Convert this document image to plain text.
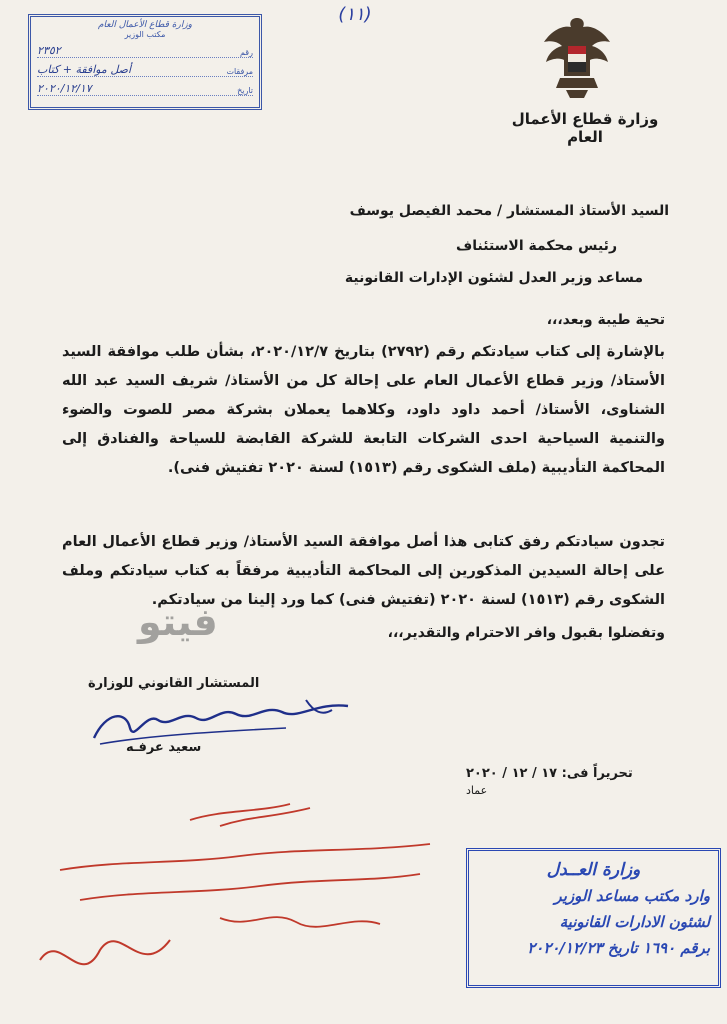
وزارة قطاع الأعمال العام
مكتب الوزير
رقم
٢٣٥٢
مرفقات
أصل موافقة + كتاب
تاريخ
٢٠٢٠/١٢/١٧
(١١)
وزارة قطاع الأعمال العام
السيد الأستاذ المستشار / محمد الفيصل يوسف
رئيس محكمة الاستئناف
مساعد وزير العدل لشئون الإدارات القانونية
تحية طيبة وبعد،،،
بالإشارة إلى كتاب سيادتكم رقم (٢٧٩٢) بتاريخ ٢٠٢٠/١٢/٧، بشأن طلب موافقة السيد الأستاذ/ وزير قطاع الأعمال العام على إحالة كل من الأستاذ/ شريف السيد عبد الله الشناوى، الأستاذ/ أحمد داود داود، وكلاهما يعملان بشركة مصر للصوت والضوء والتنمية السياحية احدى الشركات التابعة للشركة القابضة للسياحة والفنادق إلى المحاكمة التأديبية (ملف الشكوى رقم (١٥١٣) لسنة ٢٠٢٠ تفتيش فنى).
تجدون سيادتكم رفق كتابى هذا أصل موافقة السيد الأستاذ/ وزير قطاع الأعمال العام على إحالة السيدين المذكورين إلى المحاكمة التأديبية مرفقاً به كتاب سيادتكم وملف الشكوى رقم (١٥١٣) لسنة ٢٠٢٠ (تفتيش فنى) كما ورد إلينا من سيادتكم.
وتفضلوا بقبول وافر الاحترام والتقدير،،،
فيتو
المستشار القانوني للوزارة
سعيد عرفـه
تحريراً فى: ١٧ / ١٢ / ٢٠٢٠
عماد
وزارة العــدل
وارد مكتب مساعد الوزير
لشئون الادارات القانونية
برقم ١٦٩٠ تاريخ ٢٠٢٠/١٢/٢٣
